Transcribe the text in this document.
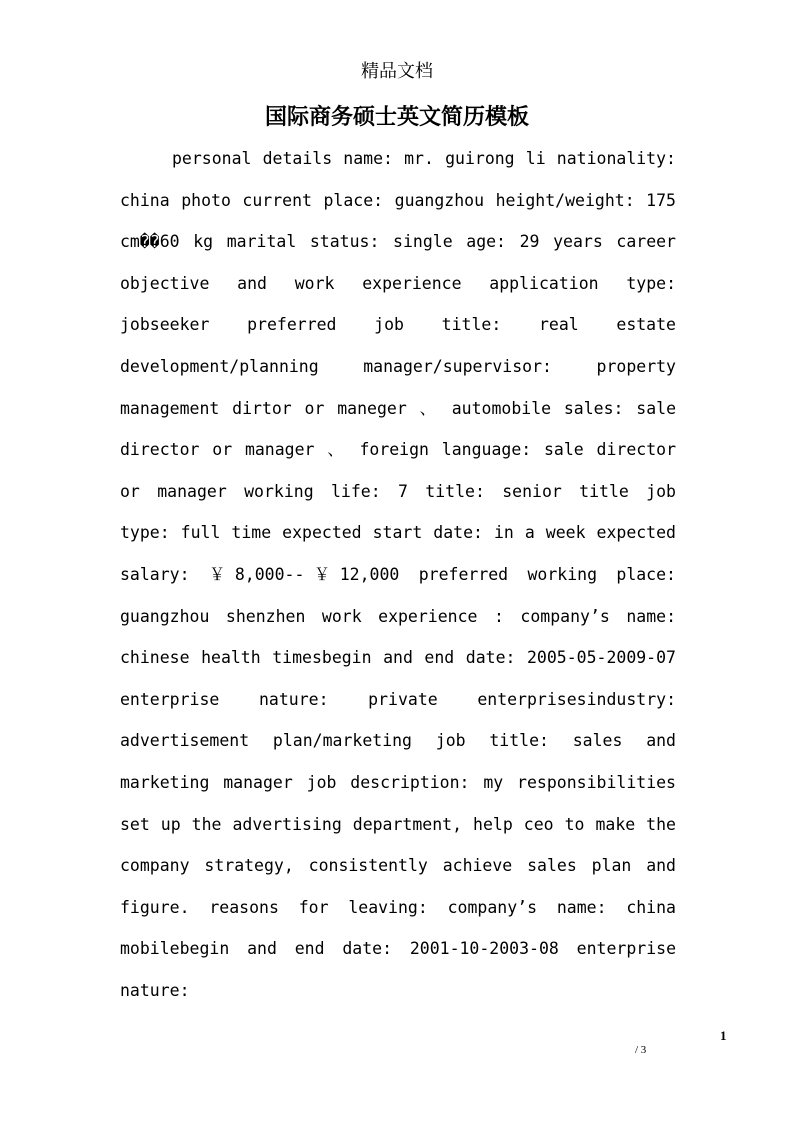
精品文档
国际商务硕士英文简历模板
personal details name: mr. guirong li nationality: china photo current place: guangzhou height/weight: 175 cm��60 kg marital status: single age: 29 years career objective and work experience application type: jobseeker preferred job title: real estate development/planning manager/supervisor: property management dirtor or maneger 、 automobile sales: sale director or manager 、 foreign language: sale director or manager working life: 7 title: senior title job type: full time expected start date: in a week expected salary: ￥8,000--￥12,000 preferred working place: guangzhou shenzhen work experience : company’s name: chinese health timesbegin and end date: 2005-05-2009-07 enterprise nature: private enterprisesindustry: advertisement plan/marketing job title: sales and marketing manager job description: my responsibilities set up the advertising department, help ceo to make the company strategy, consistently achieve sales plan and figure. reasons for leaving: company’s name: china mobilebegin and end date: 2001-10-2003-08 enterprise nature:
1
/ 3
